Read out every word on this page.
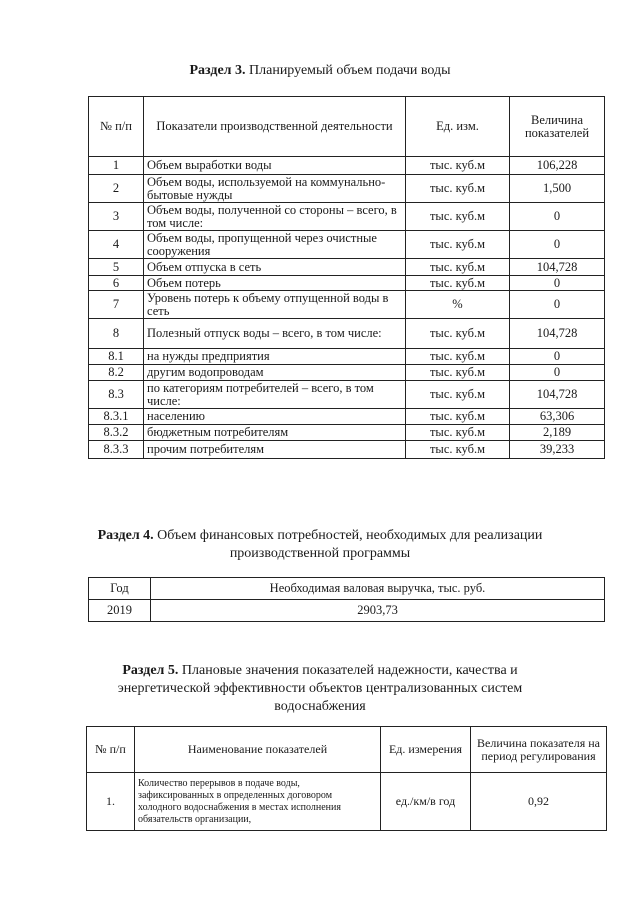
Раздел 3. Планируемый объем подачи воды
№ п/п	Показатели производственной деятельности	Ед. изм.	Величина показателей
1	Объем выработки воды	тыс. куб.м	106,228
2	Объем воды, используемой на коммунально-бытовые нужды	тыс. куб.м	1,500
3	Объем воды, полученной со стороны – всего, в том числе:	тыс. куб.м	0
4	Объем воды, пропущенной через очистные сооружения	тыс. куб.м	0
5	Объем отпуска в сеть	тыс. куб.м	104,728
6	Объем потерь	тыс. куб.м	0
7	Уровень потерь к объему отпущенной воды в сеть	%	0
8	Полезный отпуск воды – всего, в том числе:	тыс. куб.м	104,728
8.1	на нужды предприятия	тыс. куб.м	0
8.2	другим водопроводам	тыс. куб.м	0
8.3	по категориям потребителей – всего, в том числе:	тыс. куб.м	104,728
8.3.1	населению	тыс. куб.м	63,306
8.3.2	бюджетным потребителям	тыс. куб.м	2,189
8.3.3	прочим потребителям	тыс. куб.м	39,233
Раздел 4. Объем финансовых потребностей, необходимых для реализации
производственной программы
Год	Необходимая валовая выручка, тыс. руб.
2019	2903,73
Раздел 5. Плановые значения показателей надежности, качества и
энергетической эффективности объектов централизованных систем
водоснабжения
№ п/п	Наименование показателей	Ед. измерения	Величина показателя на период регулирования
1.	Количество перерывов в подаче воды, зафиксированных в определенных договором холодного водоснабжения в местах исполнения обязательств организации,	ед./км/в год	0,92
